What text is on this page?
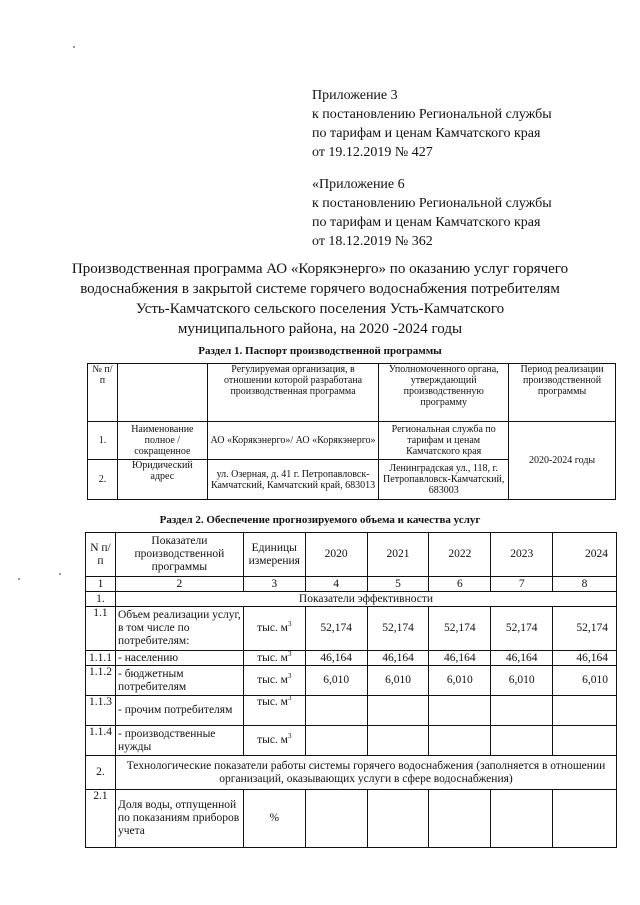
Приложение 3
к постановлению Региональной службы
по тарифам и ценам Камчатского края
от 19.12.2019 № 427
«Приложение 6
к постановлению Региональной службы
по тарифам и ценам Камчатского края
от 18.12.2019 № 362
Производственная программа АО «Корякэнерго» по оказанию услуг горячего
водоснабжения в закрытой системе горячего водоснабжения потребителям
Усть-Камчатского сельского поселения Усть-Камчатского
муниципального района, на 2020 -2024 годы
Раздел 1. Паспорт производственной программы
№ п/п		Регулируемая организация, в отношении которой разработана производственная программа	Уполномоченного органа, утверждающий производственную программу	Период реализации производственной программы
1.	Наименование полное / сокращенное	АО «Корякэнерго»/ АО «Корякэнерго»	Региональная служба по тарифам и ценам Камчатского края	2020-2024 годы
2.	Юридический адрес	ул. Озерная, д. 41 г. Петропавловск-Камчатский, Камчатский край, 683013	Ленинградская ул., 118, г. Петропавловск-Камчатский, 683003	
Раздел 2. Обеспечение прогнозируемого объема и качества услуг
N п/п	Показатели производственной программы	Единицы измерения	2020	2021	2022	2023	2024
1	2	3	4	5	6	7	8
1.	Показатели эффективности						
1.1	Объем реализации услуг, в том числе по потребителям:	тыс. $м^3$	52,174	52,174	52,174	52,174	52,174
1.1.1	- населению	тыс. $м^3$	46,164	46,164	46,164	46,164	46,164
1.1.2	- бюджетным потребителям	тыс. $м^3$	6,010	6,010	6,010	6,010	6,010
1.1.3	- прочим потребителям	тыс. $м^3$					
1.1.4	- производственные нужды	тыс. $м^3$					
2.	Технологические показатели работы системы горячего водоснабжения (заполняется в отношении организаций, оказывающих услуги в сфере водоснабжения)						
2.1	Доля воды, отпущенной по показаниям приборов учета	%					
